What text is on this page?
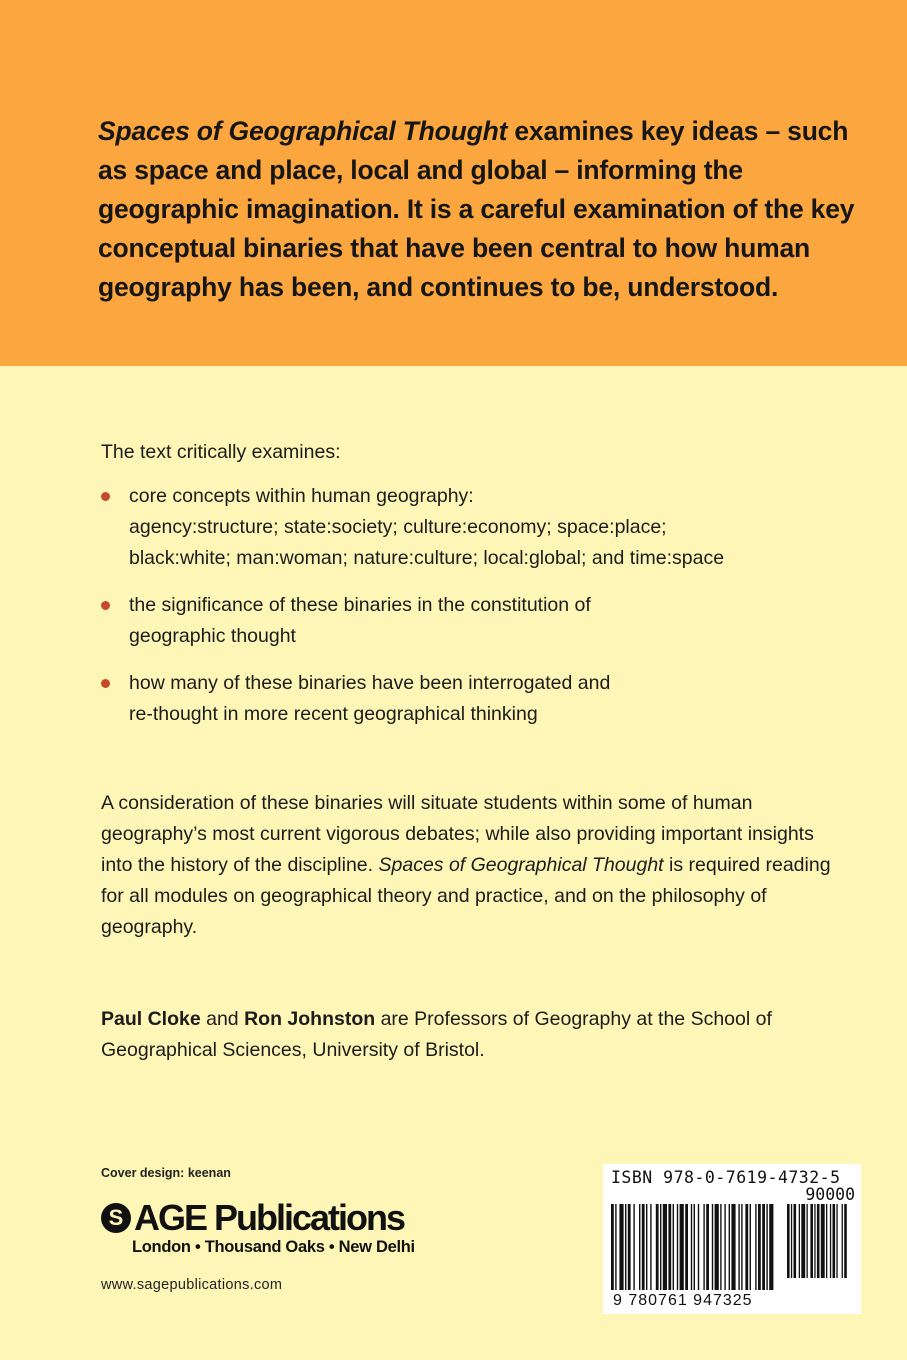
Spaces of Geographical Thought examines key ideas – such as space and place, local and global – informing the geographic imagination. It is a careful examination of the key conceptual binaries that have been central to how human geography has been, and continues to be, understood.

The text critically examines:
core concepts within human geography:
agency:structure; state:society; culture:economy; space:place;
black:white; man:woman; nature:culture; local:global; and time:space
the significance of these binaries in the constitution of
geographic thought
how many of these binaries have been interrogated and
re-thought in more recent geographical thinking
A consideration of these binaries will situate students within some of human geography’s most current vigorous debates; while also providing important insights into the history of the discipline. Spaces of Geographical Thought is required reading for all modules on geographical theory and practice, and on the philosophy of geography.
Paul Cloke and Ron Johnston are Professors of Geography at the School of Geographical Sciences, University of Bristol.
Cover design: keenan
S AGE Publications
London • Thousand Oaks • New Delhi
www.sagepublications.com
ISBN 978-0-7619-4732-5
90000
9 780761 947325
